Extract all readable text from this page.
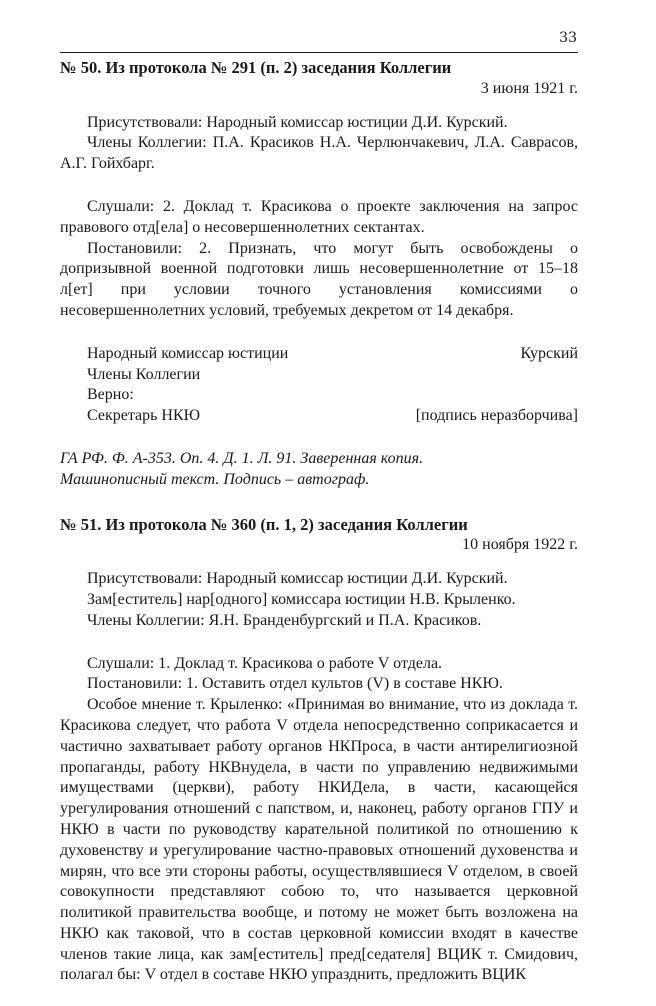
33

№ 50. Из протокола № 291 (п. 2) заседания Коллегии

3 июня 1921 г.

Присутствовали: Народный комиссар юстиции Д.И. Курский.

Члены Коллегии: П.А. Красиков Н.А. Черлюнчакевич, Л.А. Саврасов, А.Г. Гойхбарг.

Слушали: 2. Доклад т. Красикова о проекте заключения на запрос правового отд[ела] о несовершеннолетних сектантах.

Постановили: 2. Признать, что могут быть освобождены о допризывной военной подготовки лишь несовершеннолетние от 15–18 л[ет] при условии точного установления комиссиями о несовершеннолетних условий, требуемых декретом от 14 декабря.

Народный комиссар юстиции	Курский

Члены Коллегии

Верно:

Секретарь НКЮ	[подпись неразборчива]

ГА РФ. Ф. А-353. Оп. 4. Д. 1. Л. 91. Заверенная копия.

Машинописный текст. Подпись – автограф.

№ 51. Из протокола № 360 (п. 1, 2) заседания Коллегии

10 ноября 1922 г.

Присутствовали: Народный комиссар юстиции Д.И. Курский.

Зам[еститель] нар[одного] комиссара юстиции Н.В. Крыленко.

Члены Коллегии: Я.Н. Бранденбургский и П.А. Красиков.

Слушали: 1. Доклад т. Красикова о работе V отдела.

Постановили: 1. Оставить отдел культов (V) в составе НКЮ.

Особое мнение т. Крыленко: «Принимая во внимание, что из доклада т. Красикова следует, что работа V отдела непосредственно соприкасается и частично захватывает работу органов НКПроса, в части антирелигиозной пропаганды, работу НКВнудела, в части по управлению недвижимыми имуществами (церкви), работу НКИДела, в части, касающейся урегулирования отношений с папством, и, наконец, работу органов ГПУ и НКЮ в части по руководству карательной политикой по отношению к духовенству и урегулирование частно-правовых отношений духовенства и мирян, что все эти стороны работы, осуществлявшиеся V отделом, в своей совокупности представляют собою то, что называется церковной политикой правительства вообще, и потому не может быть возложена на НКЮ как таковой, что в состав церковной комиссии входят в качестве членов такие лица, как зам[еститель] пред[седателя] ВЦИК т. Смидович, полагал бы: V отдел в составе НКЮ упразднить, предложить ВЦИК
